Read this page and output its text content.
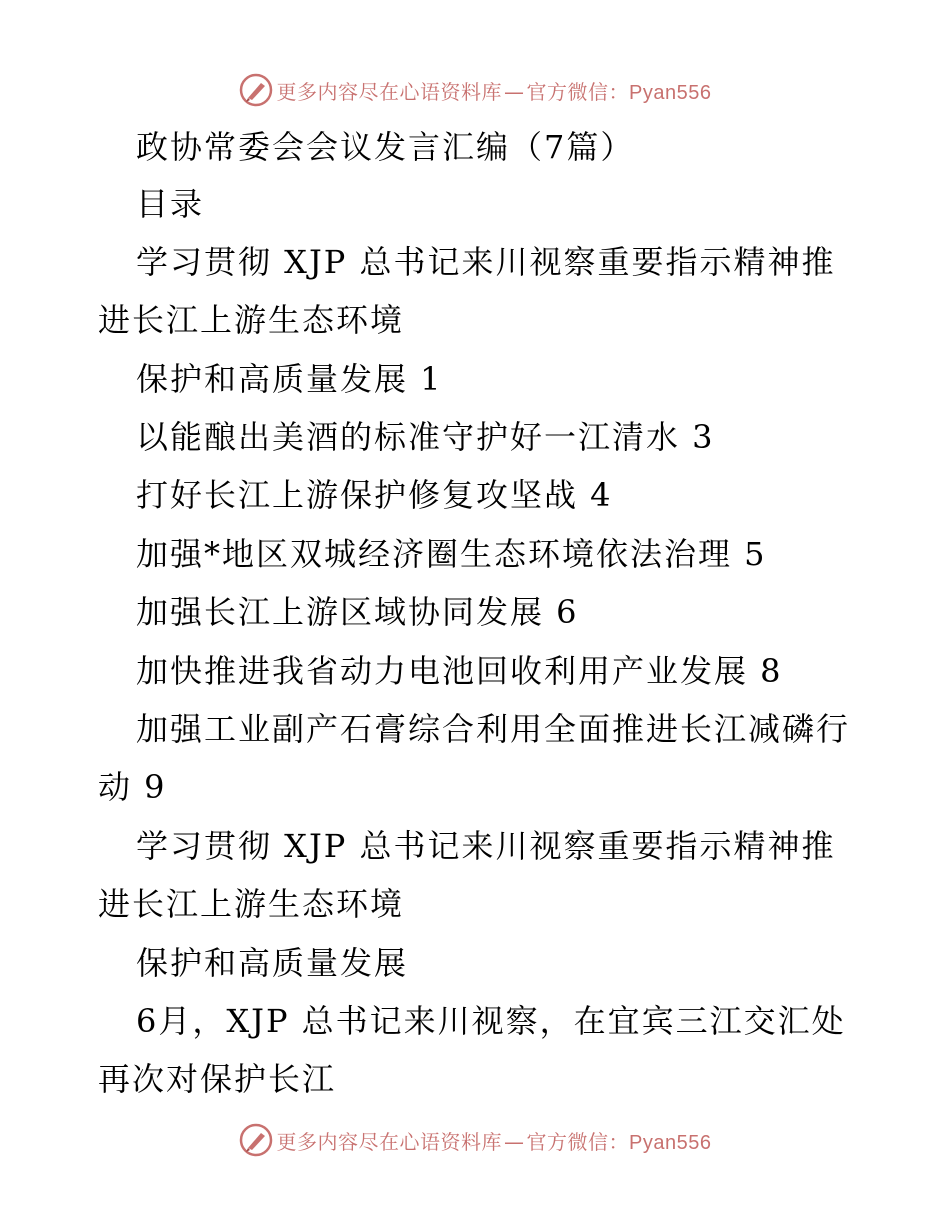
更多内容尽在心语资料库 — 官方微信：Pyan556
政协常委会会议发言汇编（7篇）
目录
学习贯彻 XJP 总书记来川视察重要指示精神推
进长江上游生态环境
保护和高质量发展 1
以能酿出美酒的标准守护好一江清水 3
打好长江上游保护修复攻坚战 4
加强*地区双城经济圈生态环境依法治理 5
加强长江上游区域协同发展 6
加快推进我省动力电池回收利用产业发展 8
加强工业副产石膏综合利用全面推进长江减磷行
动 9
学习贯彻 XJP 总书记来川视察重要指示精神推
进长江上游生态环境
保护和高质量发展
6月，XJP 总书记来川视察，在宜宾三江交汇处
再次对保护长江
更多内容尽在心语资料库 — 官方微信：Pyan556
